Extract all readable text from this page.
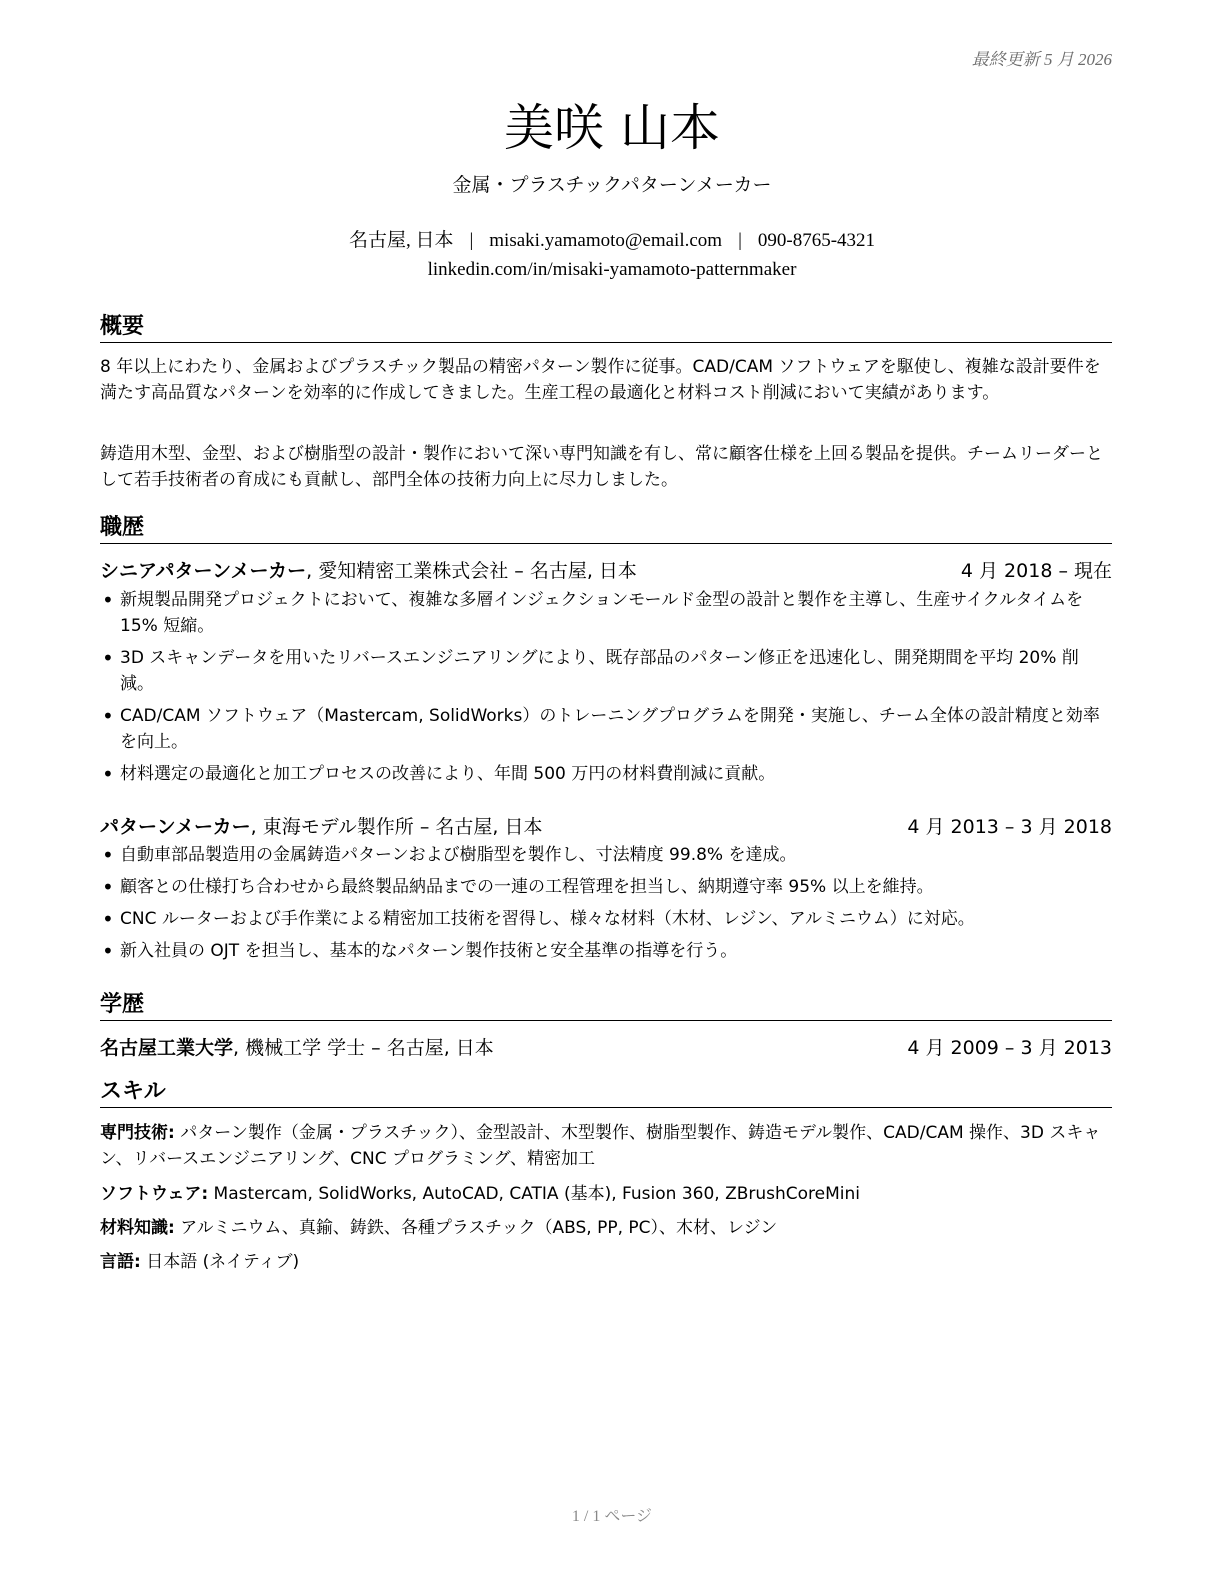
最終更新 5 月 2026
美咲 山本
金属・プラスチックパターンメーカー
名古屋, 日本 | misaki.yamamoto@email.com | 090-8765-4321
linkedin.com/in/misaki-yamamoto-patternmaker
概要

8 年以上にわたり、金属およびプラスチック製品の精密パターン製作に従事。CAD/CAM ソフトウェアを駆使し、複雑な設計要件を満たす高品質なパターンを効率的に作成してきました。生産工程の最適化と材料コスト削減において実績があります。

鋳造用木型、金型、および樹脂型の設計・製作において深い専門知識を有し、常に顧客仕様を上回る製品を提供。チームリーダーとして若手技術者の育成にも貢献し、部門全体の技術力向上に尽力しました。

職歴
シニアパターンメーカー, 愛知精密工業株式会社 – 名古屋, 日本	4 月 2018 – 現在
• 新規製品開発プロジェクトにおいて、複雑な多層インジェクションモールド金型の設計と製作を主導し、生産サイクルタイムを 15% 短縮。
• 3D スキャンデータを用いたリバースエンジニアリングにより、既存部品のパターン修正を迅速化し、開発期間を平均 20% 削減。
• CAD/CAM ソフトウェア（Mastercam, SolidWorks）のトレーニングプログラムを開発・実施し、チーム全体の設計精度と効率を向上。
• 材料選定の最適化と加工プロセスの改善により、年間 500 万円の材料費削減に貢献。
パターンメーカー, 東海モデル製作所 – 名古屋, 日本	4 月 2013 – 3 月 2018
• 自動車部品製造用の金属鋳造パターンおよび樹脂型を製作し、寸法精度 99.8% を達成。
• 顧客との仕様打ち合わせから最終製品納品までの一連の工程管理を担当し、納期遵守率 95% 以上を維持。
• CNC ルーターおよび手作業による精密加工技術を習得し、様々な材料（木材、レジン、アルミニウム）に対応。
• 新入社員の OJT を担当し、基本的なパターン製作技術と安全基準の指導を行う。
学歴
名古屋工業大学, 機械工学 学士 – 名古屋, 日本	4 月 2009 – 3 月 2013
スキル
専門技術: パターン製作（金属・プラスチック）、金型設計、木型製作、樹脂型製作、鋳造モデル製作、CAD/CAM 操作、3D スキャン、リバースエンジニアリング、CNC プログラミング、精密加工
ソフトウェア: Mastercam, SolidWorks, AutoCAD, CATIA (基本), Fusion 360, ZBrushCoreMini
材料知識: アルミニウム、真鍮、鋳鉄、各種プラスチック（ABS, PP, PC）、木材、レジン
言語: 日本語 (ネイティブ)
1 / 1 ページ
